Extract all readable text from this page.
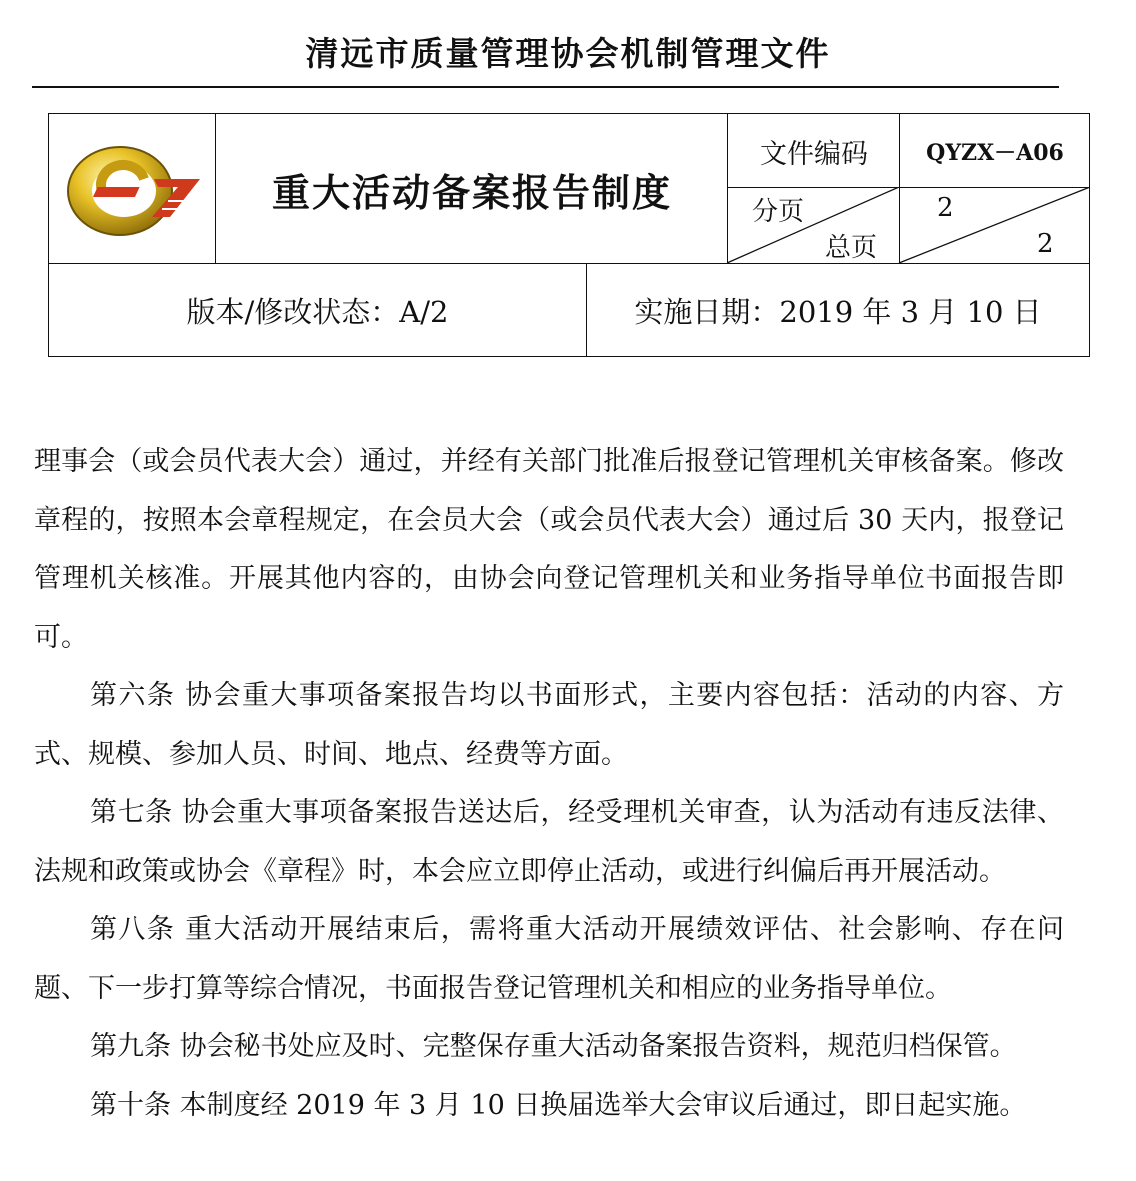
清远市质量管理协会机制管理文件
重大活动备案报告制度
文件编码	QYZX－A06
分页
总页
2
2
版本/修改状态：A/2	实施日期：2019 年 3 月 10 日

理事会（或会员代表大会）通过，并经有关部门批准后报登记管理机关审核备案。修改章程的，按照本会章程规定，在会员大会（或会员代表大会）通过后 30 天内，报登记管理机关核准。开展其他内容的，由协会向登记管理机关和业务指导单位书面报告即可。

第六条 协会重大事项备案报告均以书面形式，主要内容包括：活动的内容、方式、规模、参加人员、时间、地点、经费等方面。

第七条 协会重大事项备案报告送达后，经受理机关审查，认为活动有违反法律、法规和政策或协会《章程》时，本会应立即停止活动，或进行纠偏后再开展活动。

第八条 重大活动开展结束后，需将重大活动开展绩效评估、社会影响、存在问题、下一步打算等综合情况，书面报告登记管理机关和相应的业务指导单位。

第九条 协会秘书处应及时、完整保存重大活动备案报告资料，规范归档保管。

第十条 本制度经 2019 年 3 月 10 日换届选举大会审议后通过，即日起实施。
